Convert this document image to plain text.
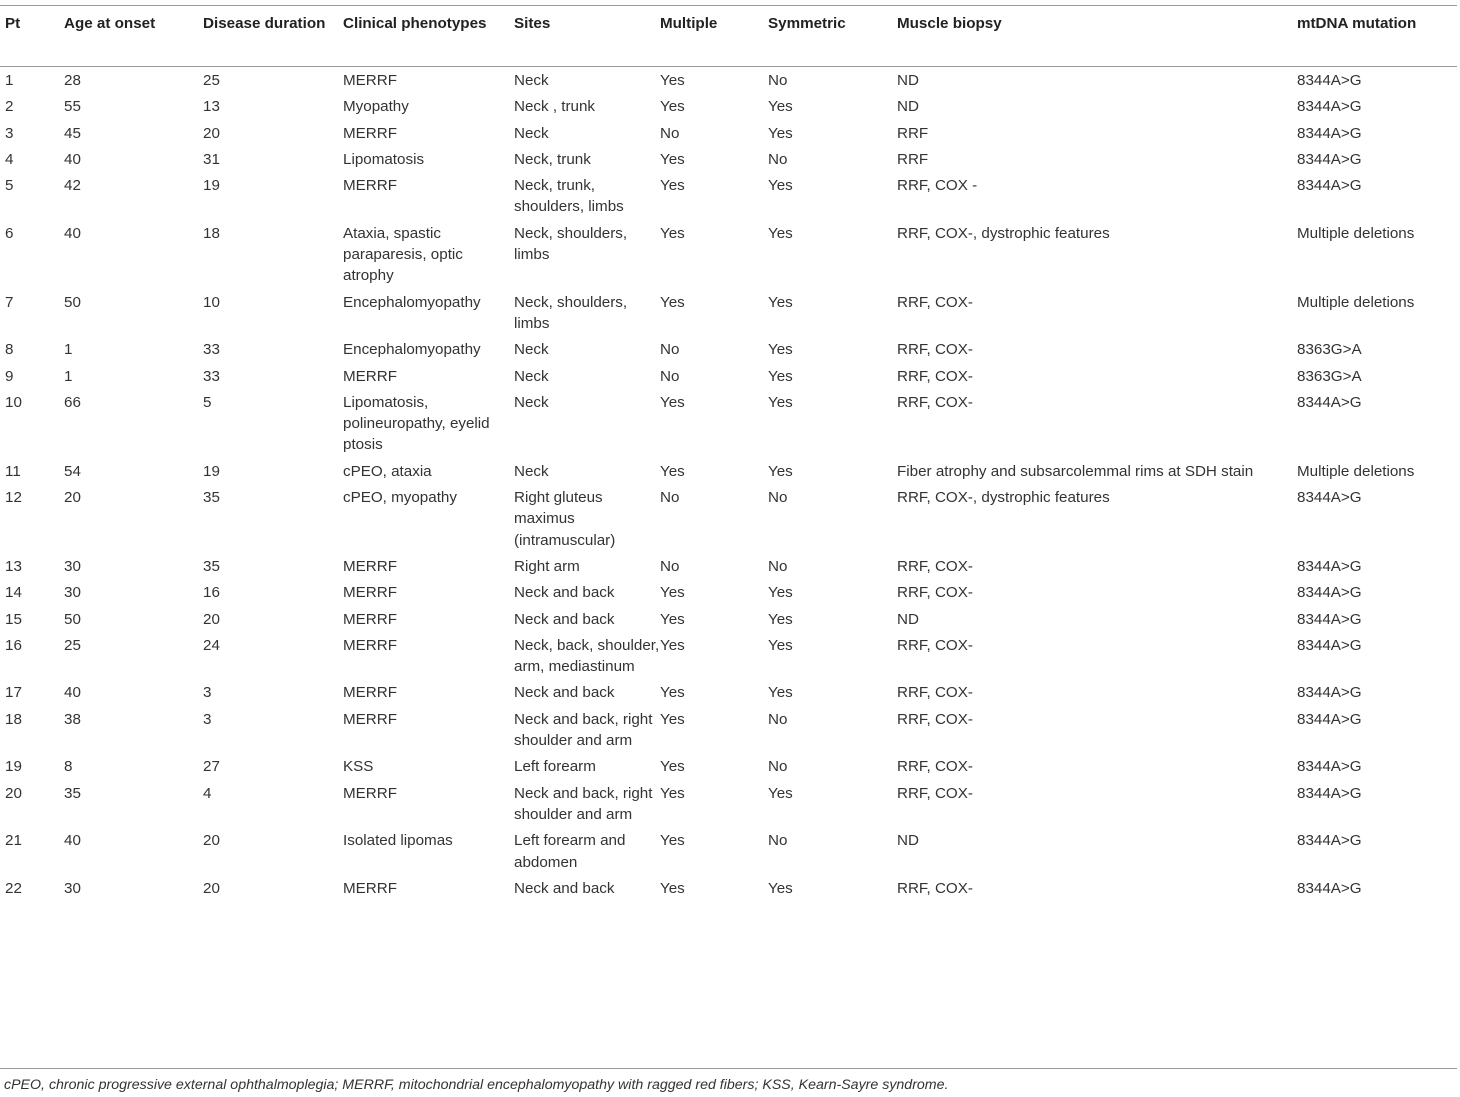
Pt	Age at onset	Disease duration	Clinical phenotypes	Sites	Multiple	Symmetric	Muscle biopsy	mtDNA mutation
1	28	25	MERRF	Neck	Yes	No	ND	8344A>G
2	55	13	Myopathy	Neck , trunk	Yes	Yes	ND	8344A>G
3	45	20	MERRF	Neck	No	Yes	RRF	8344A>G
4	40	31	Lipomatosis	Neck, trunk	Yes	No	RRF	8344A>G
5	42	19	MERRF	Neck, trunk, shoulders, limbs	Yes	Yes	RRF, COX -	8344A>G
6	40	18	Ataxia, spastic paraparesis, optic atrophy	Neck, shoulders, limbs	Yes	Yes	RRF, COX-, dystrophic features	Multiple deletions
7	50	10	Encephalomyopathy	Neck, shoulders, limbs	Yes	Yes	RRF, COX-	Multiple deletions
8	1	33	Encephalomyopathy	Neck	No	Yes	RRF, COX-	8363G>A
9	1	33	MERRF	Neck	No	Yes	RRF, COX-	8363G>A
10	66	5	Lipomatosis, polineuropathy, eyelid ptosis	Neck	Yes	Yes	RRF, COX-	8344A>G
11	54	19	cPEO, ataxia	Neck	Yes	Yes	Fiber atrophy and subsarcolemmal rims at SDH stain	Multiple deletions
12	20	35	cPEO, myopathy	Right gluteus maximus (intramuscular)	No	No	RRF, COX-, dystrophic features	8344A>G
13	30	35	MERRF	Right arm	No	No	RRF, COX-	8344A>G
14	30	16	MERRF	Neck and back	Yes	Yes	RRF, COX-	8344A>G
15	50	20	MERRF	Neck and back	Yes	Yes	ND	8344A>G
16	25	24	MERRF	Neck, back, shoulder, arm, mediastinum	Yes	Yes	RRF, COX-	8344A>G
17	40	3	MERRF	Neck and back	Yes	Yes	RRF, COX-	8344A>G
18	38	3	MERRF	Neck and back, right shoulder and arm	Yes	No	RRF, COX-	8344A>G
19	8	27	KSS	Left forearm	Yes	No	RRF, COX-	8344A>G
20	35	4	MERRF	Neck and back, right shoulder and arm	Yes	Yes	RRF, COX-	8344A>G
21	40	20	Isolated lipomas	Left forearm and abdomen	Yes	No	ND	8344A>G
22	30	20	MERRF	Neck and back	Yes	Yes	RRF, COX-	8344A>G
cPEO, chronic progressive external ophthalmoplegia; MERRF, mitochondrial encephalomyopathy with ragged red fibers; KSS, Kearn-Sayre syndrome.
